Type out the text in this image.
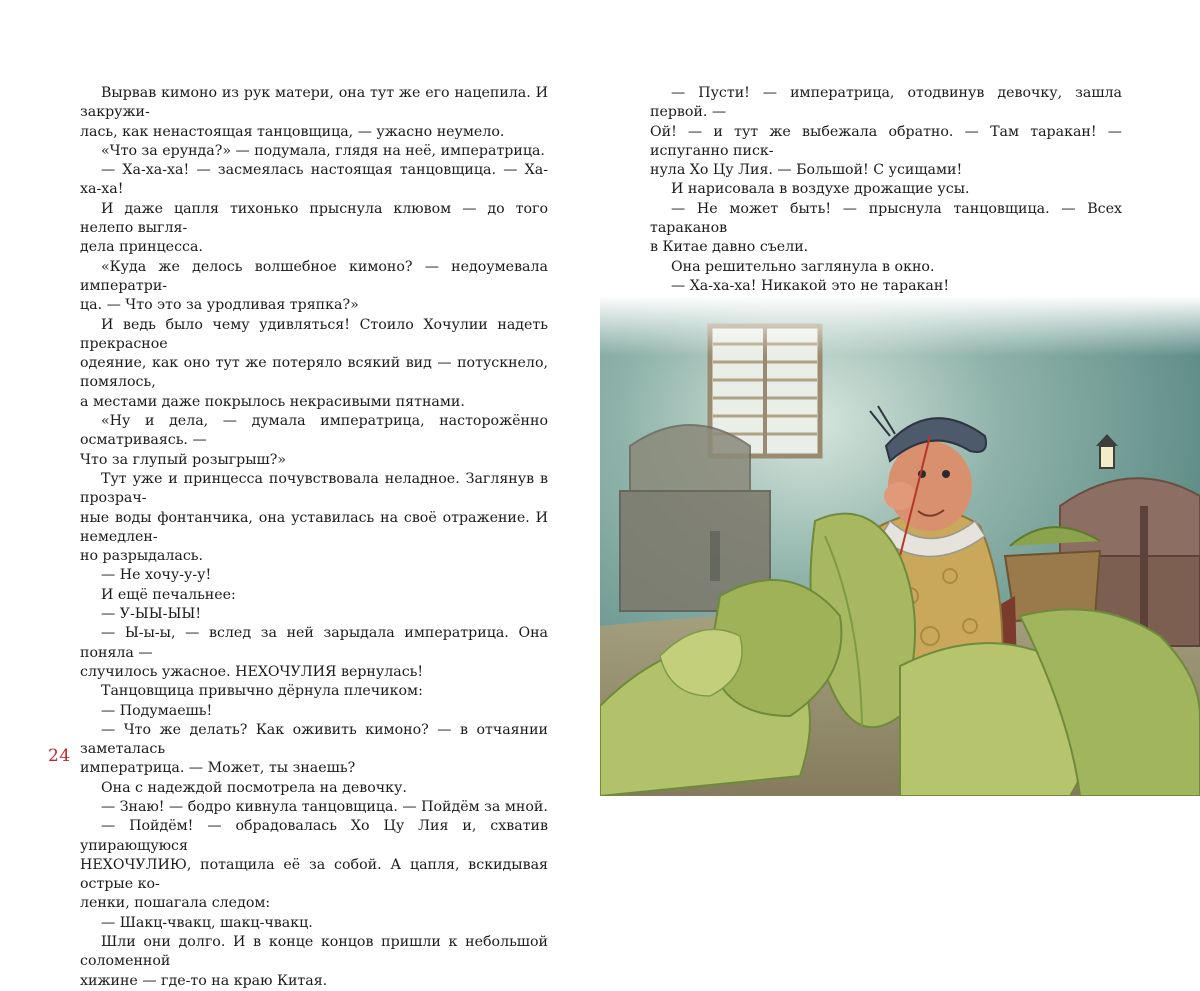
Вырвав кимоно из рук матери, она тут же его нацепила. И закружи-

лась, как ненастоящая танцовщица, — ужасно неумело.

«Что за ерунда?» — подумала, глядя на неё, императрица.

— Ха-ха-ха! — засмеялась настоящая танцовщица. — Ха-ха-ха!

И даже цапля тихонько прыснула клювом — до того нелепо выгля-

дела принцесса.

«Куда же делось волшебное кимоно? — недоумевала императри-

ца. — Что это за уродливая тряпка?»

И ведь было чему удивляться! Стоило Хочулии надеть прекрасное

одеяние, как оно тут же потеряло всякий вид — потускнело, помялось,

а местами даже покрылось некрасивыми пятнами.

«Ну и дела, — думала императрица, насторожённо осматриваясь. —

Что за глупый розыгрыш?»

Тут уже и принцесса почувствовала неладное. Заглянув в прозрач-

ные воды фонтанчика, она уставилась на своё отражение. И немедлен-

но разрыдалась.

— Не хочу-у-у!

И ещё печальнее:

— У-ЫЫ-ЫЫ!

— Ы-ы-ы, — вслед за ней зарыдала императрица. Она поняла —

случилось ужасное. НЕХОЧУЛИЯ вернулась!

Танцовщица привычно дёрнула плечиком:

— Подумаешь!

— Что же делать? Как оживить кимоно? — в отчаянии заметалась

императрица. — Может, ты знаешь?

Она с надеждой посмотрела на девочку.

— Знаю! — бодро кивнула танцовщица. — Пойдём за мной.

— Пойдём! — обрадовалась Хо Цу Лия и, схватив упирающуюся

НЕХОЧУЛИЮ, потащила её за собой. А цапля, вскидывая острые ко-

ленки, пошагала следом:

— Шакц-чвакц, шакц-чвакц.

Шли они долго. И в конце концов пришли к небольшой соломенной

хижине — где-то на краю Китая.

24

— Пусти! — императрица, отодвинув девочку, зашла первой. —

Ой! — и тут же выбежала обратно. — Там таракан! — испуганно писк-

нула Хо Цу Лия. — Большой! С усищами!

И нарисовала в воздухе дрожащие усы.

— Не может быть! — прыснула танцовщица. — Всех тараканов

в Китае давно съели.

Она решительно заглянула в окно.

— Ха-ха-ха! Никакой это не таракан!
